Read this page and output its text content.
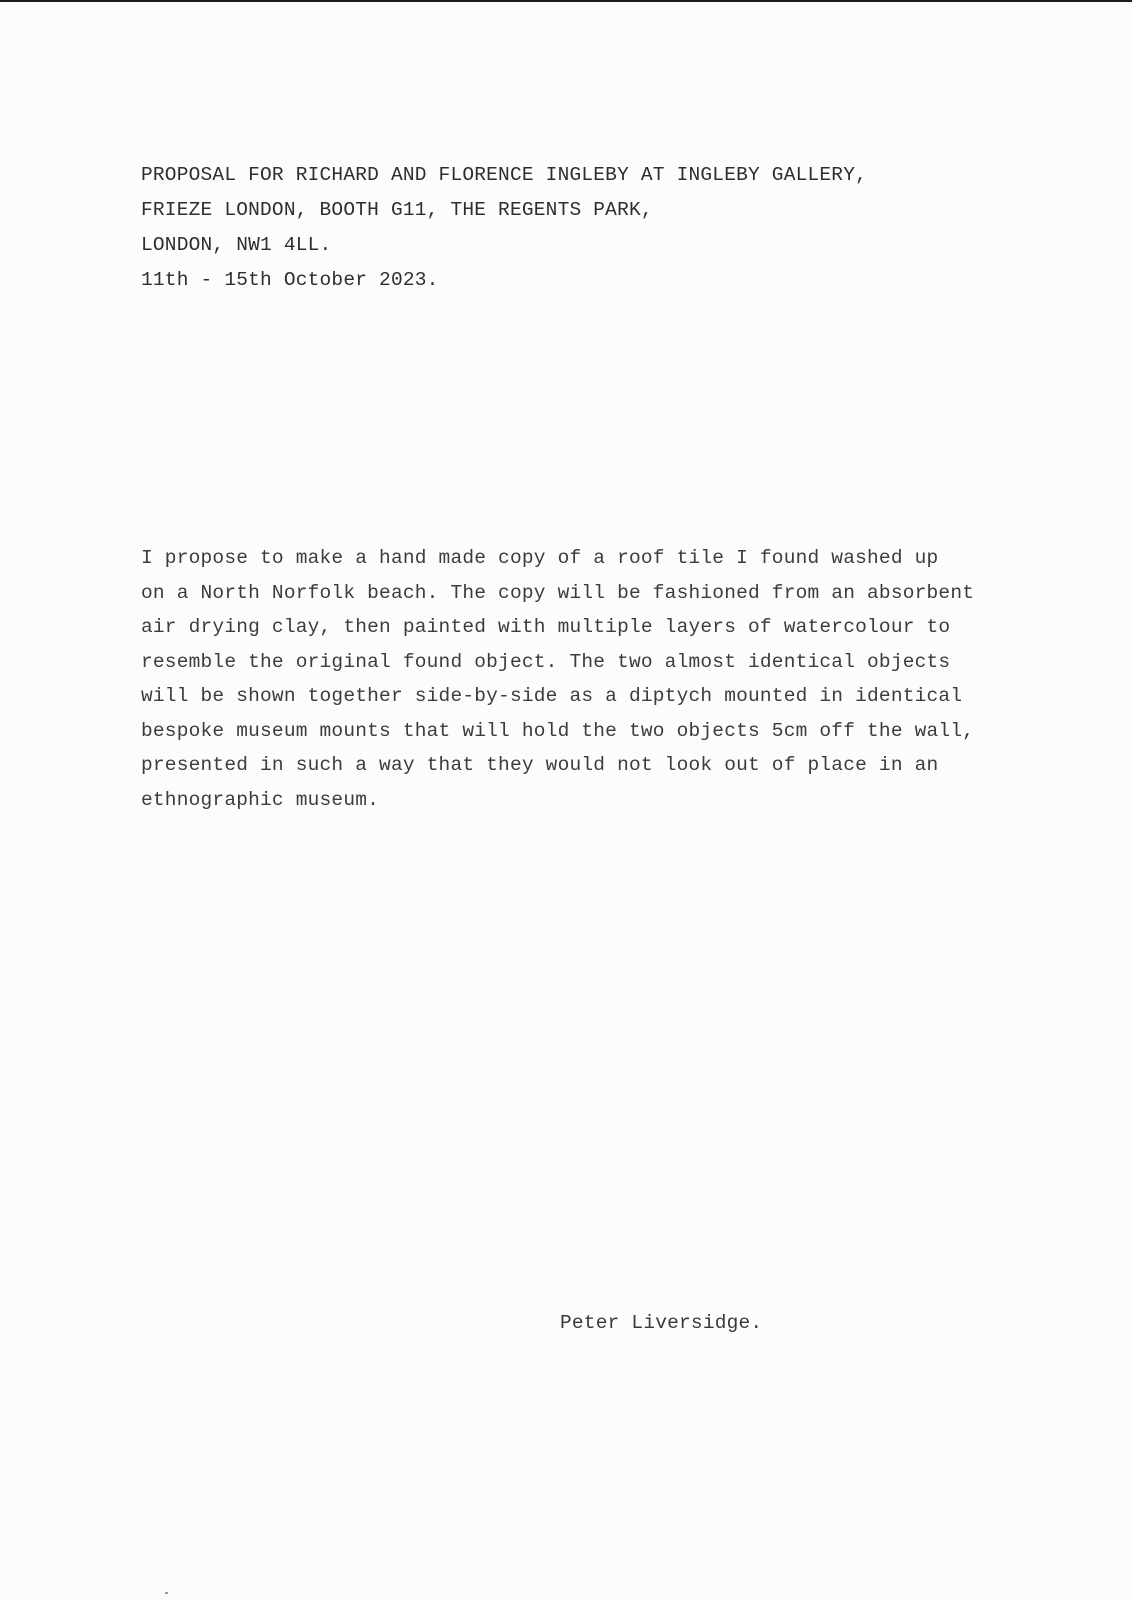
PROPOSAL FOR RICHARD AND FLORENCE INGLEBY AT INGLEBY GALLERY,

FRIEZE LONDON, BOOTH G11, THE REGENTS PARK,

LONDON, NW1 4LL.

11th - 15th October 2023.

I propose to make a hand made copy of a roof tile I found washed up

on a North Norfolk beach. The copy will be fashioned from an absorbent

air drying clay, then painted with multiple layers of watercolour to

resemble the original found object. The two almost identical objects

will be shown together side-by-side as a diptych mounted in identical

bespoke museum mounts that will hold the two objects 5cm off the wall,

presented in such a way that they would not look out of place in an

ethnographic museum.

Peter Liversidge.
